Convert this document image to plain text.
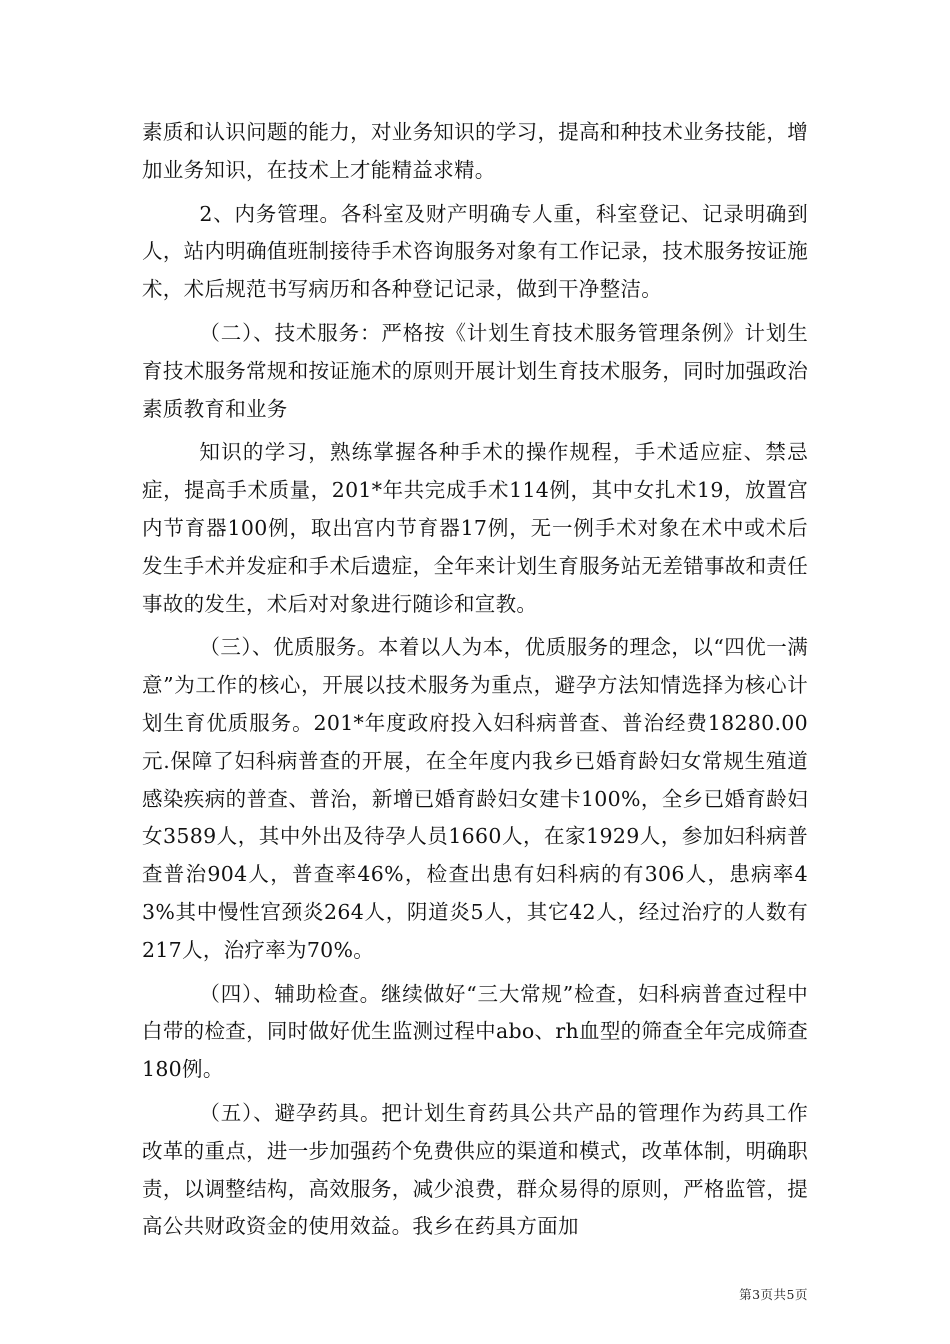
素质和认识问题的能力，对业务知识的学习，提高和种技术业务技能，增加业务知识，在技术上才能精益求精。

2、内务管理。各科室及财产明确专人重，科室登记、记录明确到人，站内明确值班制接待手术咨询服务对象有工作记录，技术服务按证施术，术后规范书写病历和各种登记记录，做到干净整洁。

（二）、技术服务：严格按《计划生育技术服务管理条例》计划生育技术服务常规和按证施术的原则开展计划生育技术服务，同时加强政治素质教育和业务

知识的学习，熟练掌握各种手术的操作规程，手术适应症、禁忌症，提高手术质量，201*年共完成手术114例，其中女扎术19，放置宫内节育器100例，取出宫内节育器17例，无一例手术对象在术中或术后发生手术并发症和手术后遗症，全年来计划生育服务站无差错事故和责任事故的发生，术后对对象进行随诊和宣教。

（三）、优质服务。本着以人为本，优质服务的理念，以“四优一满意”为工作的核心，开展以技术服务为重点，避孕方法知情选择为核心计划生育优质服务。201*年度政府投入妇科病普查、普治经费18280.00元.保障了妇科病普查的开展，在全年度内我乡已婚育龄妇女常规生殖道感染疾病的普查、普治，新增已婚育龄妇女建卡100%，全乡已婚育龄妇女3589人，其中外出及待孕人员1660人，在家1929人，参加妇科病普查普治904人，普查率46%，检查出患有妇科病的有306人，患病率43%其中慢性宫颈炎264人，阴道炎5人，其它42人，经过治疗的人数有217人，治疗率为70%。

（四）、辅助检查。继续做好“三大常规”检查，妇科病普查过程中白带的检查，同时做好优生监测过程中abo、rh血型的筛查全年完成筛查180例。

（五）、避孕药具。把计划生育药具公共产品的管理作为药具工作改革的重点，进一步加强药个免费供应的渠道和模式，改革体制，明确职责，以调整结构，高效服务，减少浪费，群众易得的原则，严格监管，提高公共财政资金的使用效益。我乡在药具方面加

第3页共5页
